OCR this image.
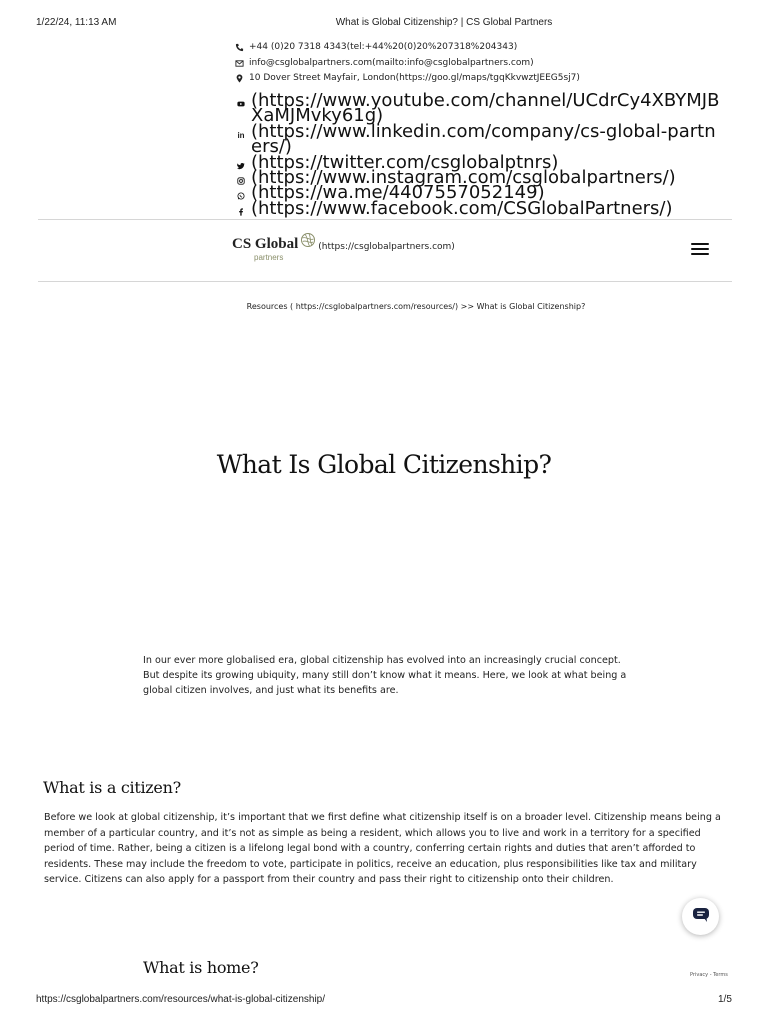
1/22/24, 11:13 AM	What is Global Citizenship? | CS Global Partners
+44 (0)20 7318 4343(tel:+44%20(0)20%207318%204343)
info@csglobalpartners.com(mailto:info@csglobalpartners.com)
10 Dover Street Mayfair, London(https://goo.gl/maps/tgqKkvwztJEEG5sj7)
(https://www.youtube.com/channel/UCdrCy4XBYMJBXaMJMvky61g)
in (https://www.linkedin.com/company/cs-global-partners/)
(https://twitter.com/csglobalptnrs)
(https://www.instagram.com/csglobalpartners/)
(https://wa.me/4407557052149)
(https://www.facebook.com/CSGlobalPartners/)
CS Global
partners
(https://csglobalpartners.com)
Resources ( https://csglobalpartners.com/resources/) >> What is Global Citizenship?
What Is Global Citizenship?
In our ever more globalised era, global citizenship has evolved into an increasingly crucial concept. But despite its growing ubiquity, many still don’t know what it means. Here, we look at what being a global citizen involves, and just what its benefits are.
What is a citizen?
Before we look at global citizenship, it’s important that we first define what citizenship itself is on a broader level. Citizenship means being a member of a particular country, and it’s not as simple as being a resident, which allows you to live and work in a territory for a specified period of time. Rather, being a citizen is a lifelong legal bond with a country, conferring certain rights and duties that aren’t afforded to residents. These may include the freedom to vote, participate in politics, receive an education, plus responsibilities like tax and military service. Citizens can also apply for a passport from their country and pass their right to citizenship onto their children.
What is home?	Privacy - Terms
https://csglobalpartners.com/resources/what-is-global-citizenship/	1/5
